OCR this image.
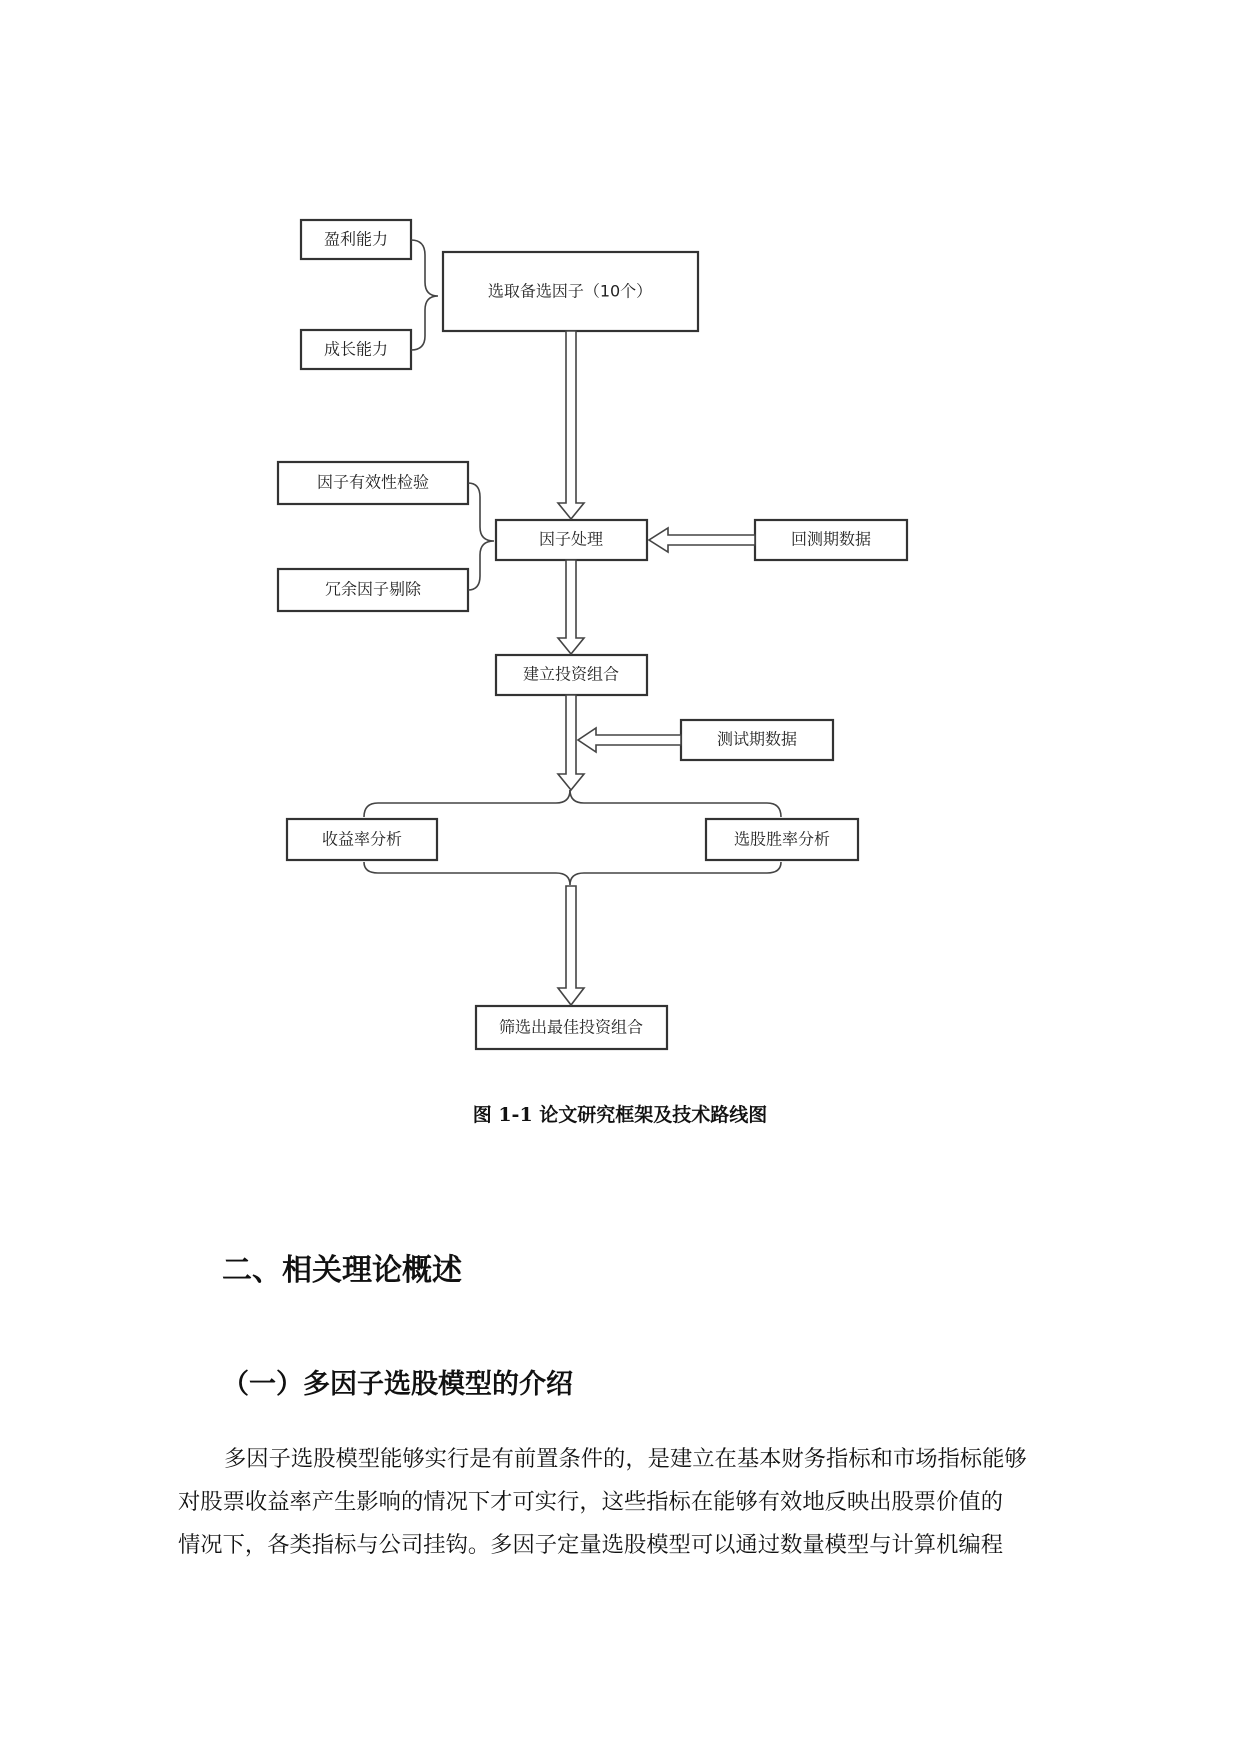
盈利能力
成长能力
选取备选因子（10个）
因子有效性检验
冗余因子剔除
因子处理	回测期数据
建立投资组合
测试期数据
收益率分析	选股胜率分析
筛选出最佳投资组合
图 1-1 论文研究框架及技术路线图
二、相关理论概述
（一）多因子选股模型的介绍
多因子选股模型能够实行是有前置条件的，是建立在基本财务指标和市场指标能够
对股票收益率产生影响的情况下才可实行，这些指标在能够有效地反映出股票价值的
情况下，各类指标与公司挂钩。多因子定量选股模型可以通过数量模型与计算机编程
